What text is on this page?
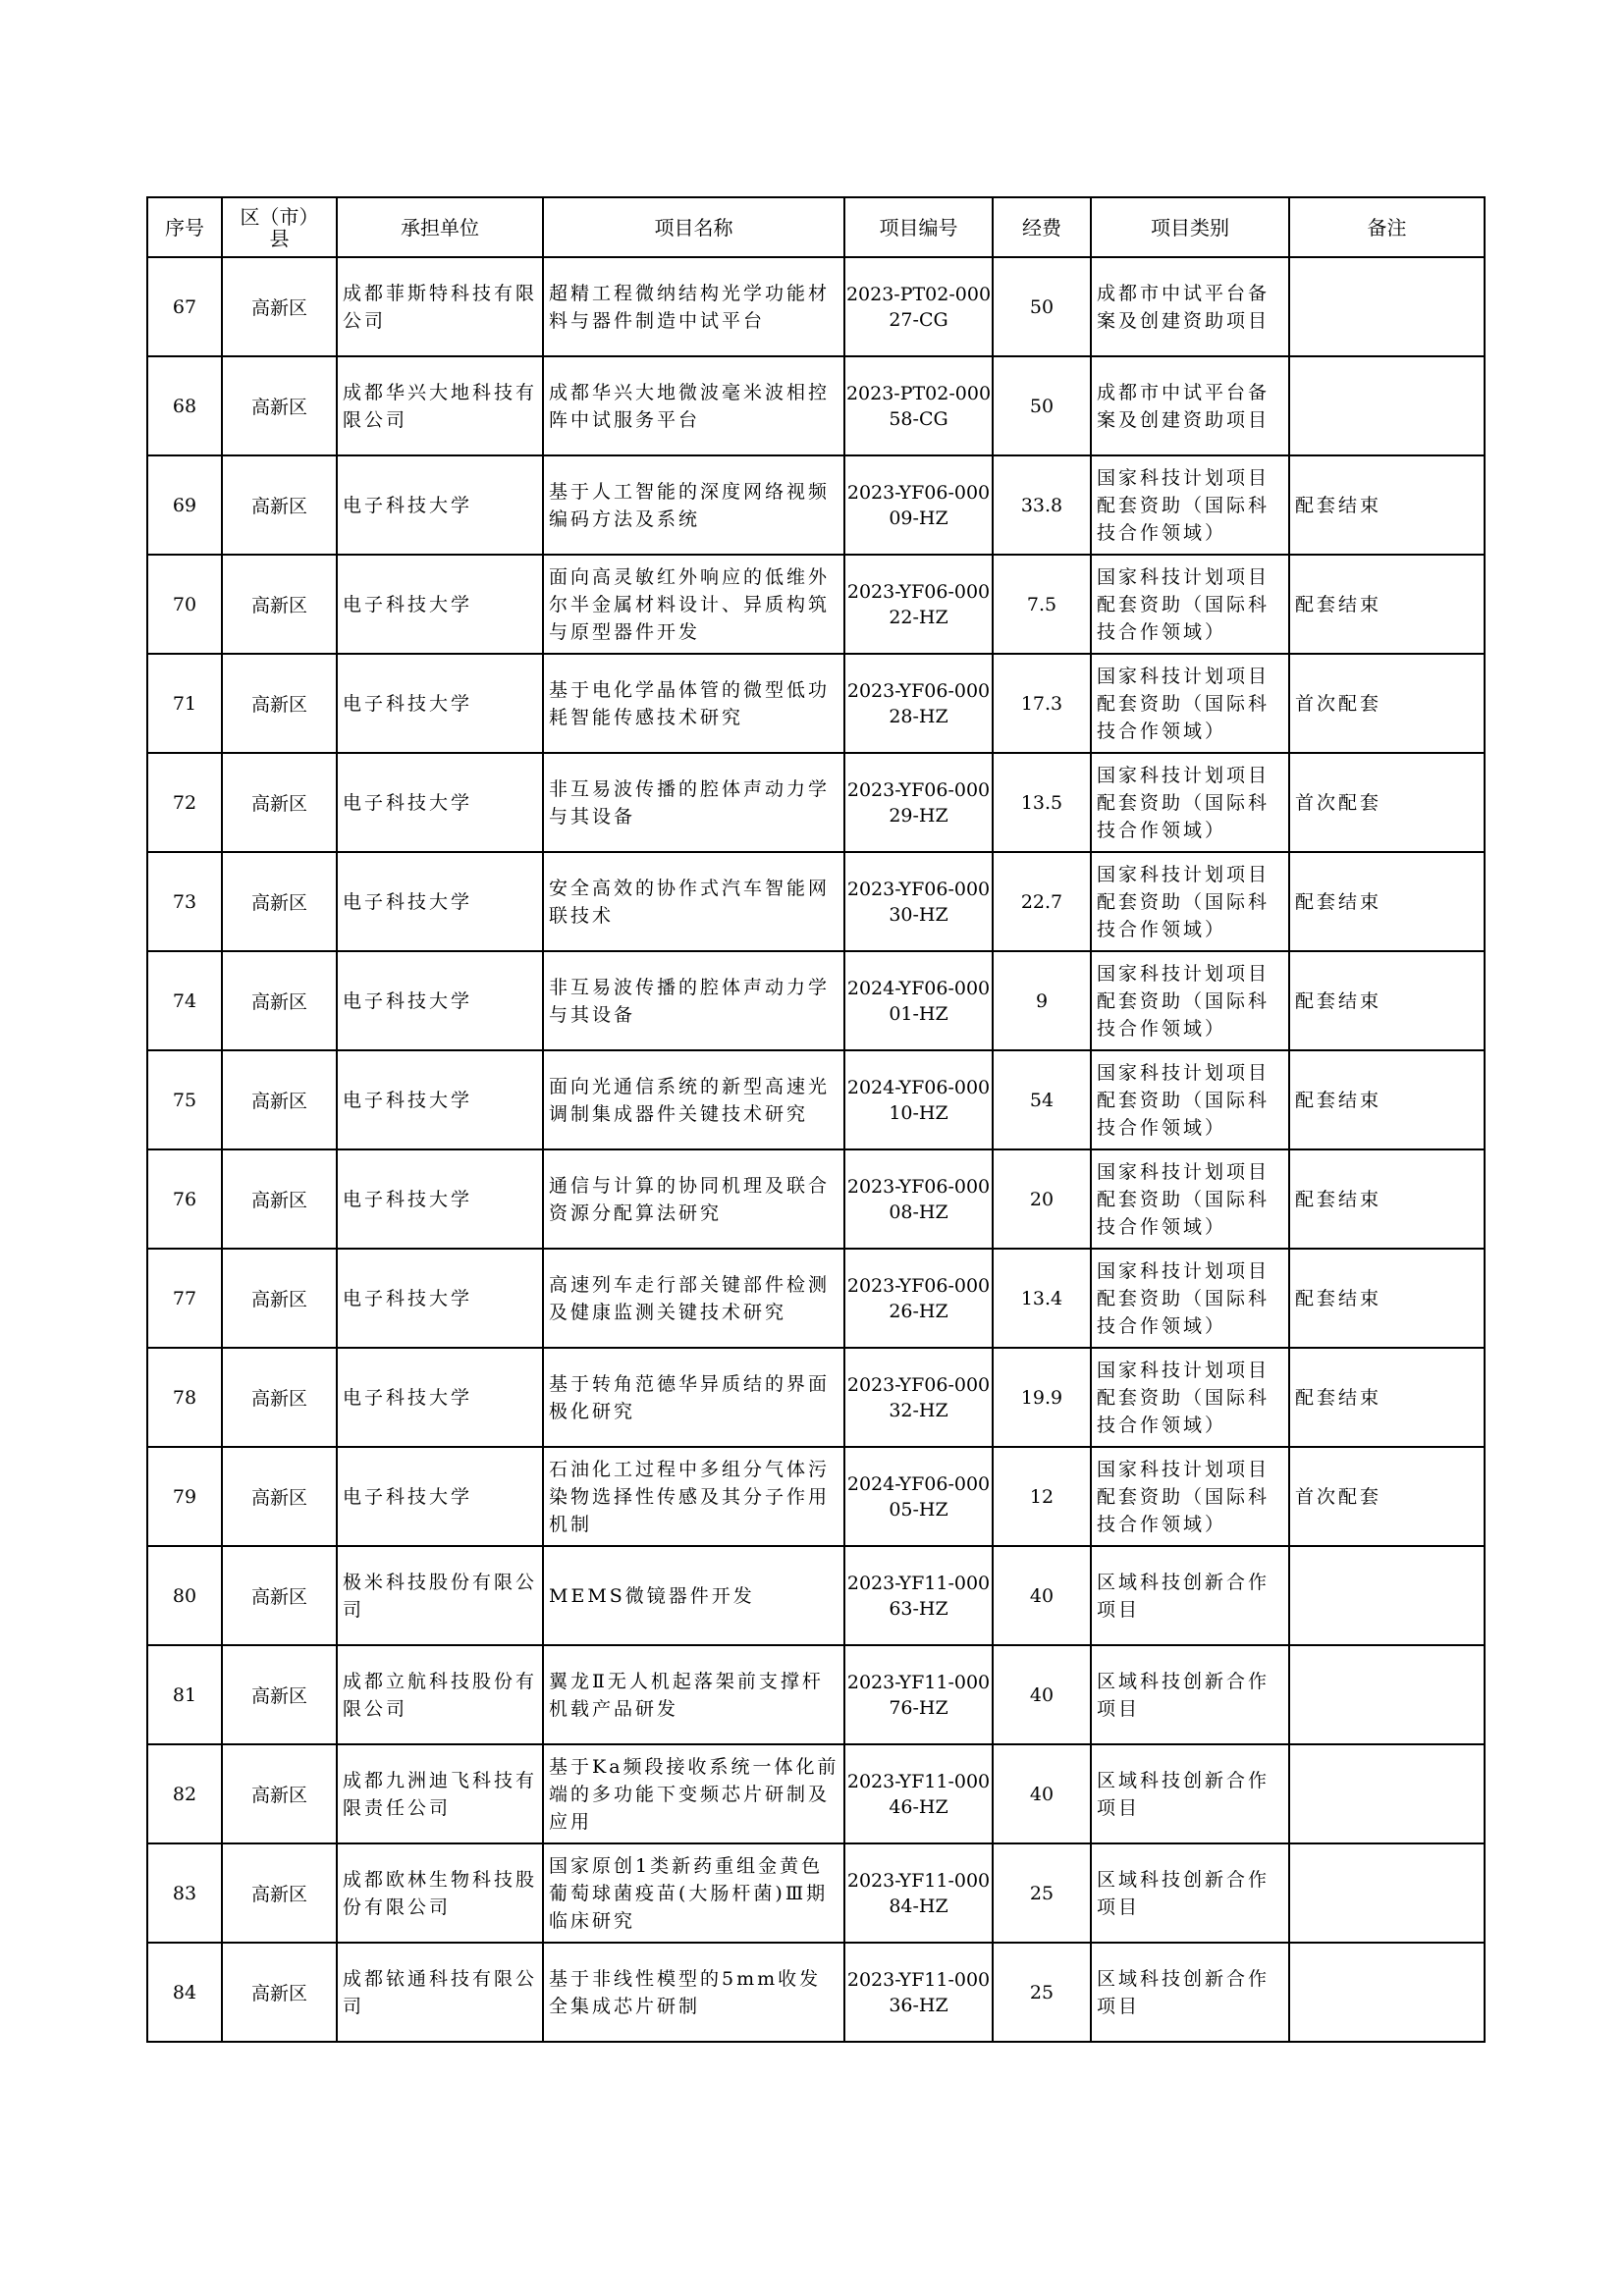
序号	区（市）县	承担单位	项目名称	项目编号	经费	项目类别	备注
67	高新区	成都菲斯特科技有限公司	超精工程微纳结构光学功能材料与器件制造中试平台	2023-PT02-00027-CG	50	成都市中试平台备案及创建资助项目	
68	高新区	成都华兴大地科技有限公司	成都华兴大地微波毫米波相控阵中试服务平台	2023-PT02-00058-CG	50	成都市中试平台备案及创建资助项目	
69	高新区	电子科技大学	基于人工智能的深度网络视频编码方法及系统	2023-YF06-00009-HZ	33.8	国家科技计划项目配套资助（国际科技合作领域）	配套结束
70	高新区	电子科技大学	面向高灵敏红外响应的低维外尔半金属材料设计、异质构筑与原型器件开发	2023-YF06-00022-HZ	7.5	国家科技计划项目配套资助（国际科技合作领域）	配套结束
71	高新区	电子科技大学	基于电化学晶体管的微型低功耗智能传感技术研究	2023-YF06-00028-HZ	17.3	国家科技计划项目配套资助（国际科技合作领域）	首次配套
72	高新区	电子科技大学	非互易波传播的腔体声动力学与其设备	2023-YF06-00029-HZ	13.5	国家科技计划项目配套资助（国际科技合作领域）	首次配套
73	高新区	电子科技大学	安全高效的协作式汽车智能网联技术	2023-YF06-00030-HZ	22.7	国家科技计划项目配套资助（国际科技合作领域）	配套结束
74	高新区	电子科技大学	非互易波传播的腔体声动力学与其设备	2024-YF06-00001-HZ	9	国家科技计划项目配套资助（国际科技合作领域）	配套结束
75	高新区	电子科技大学	面向光通信系统的新型高速光调制集成器件关键技术研究	2024-YF06-00010-HZ	54	国家科技计划项目配套资助（国际科技合作领域）	配套结束
76	高新区	电子科技大学	通信与计算的协同机理及联合资源分配算法研究	2023-YF06-00008-HZ	20	国家科技计划项目配套资助（国际科技合作领域）	配套结束
77	高新区	电子科技大学	高速列车走行部关键部件检测及健康监测关键技术研究	2023-YF06-00026-HZ	13.4	国家科技计划项目配套资助（国际科技合作领域）	配套结束
78	高新区	电子科技大学	基于转角范德华异质结的界面极化研究	2023-YF06-00032-HZ	19.9	国家科技计划项目配套资助（国际科技合作领域）	配套结束
79	高新区	电子科技大学	石油化工过程中多组分气体污染物选择性传感及其分子作用机制	2024-YF06-00005-HZ	12	国家科技计划项目配套资助（国际科技合作领域）	首次配套
80	高新区	极米科技股份有限公司	MEMS微镜器件开发	2023-YF11-00063-HZ	40	区域科技创新合作项目	
81	高新区	成都立航科技股份有限公司	翼龙Ⅱ无人机起落架前支撑杆机载产品研发	2023-YF11-00076-HZ	40	区域科技创新合作项目	
82	高新区	成都九洲迪飞科技有限责任公司	基于Ka频段接收系统一体化前端的多功能下变频芯片研制及应用	2023-YF11-00046-HZ	40	区域科技创新合作项目	
83	高新区	成都欧林生物科技股份有限公司	国家原创1类新药重组金黄色葡萄球菌疫苗(大肠杆菌)Ⅲ期临床研究	2023-YF11-00084-HZ	25	区域科技创新合作项目	
84	高新区	成都铱通科技有限公司	基于非线性模型的5mm收发全集成芯片研制	2023-YF11-00036-HZ	25	区域科技创新合作项目	
